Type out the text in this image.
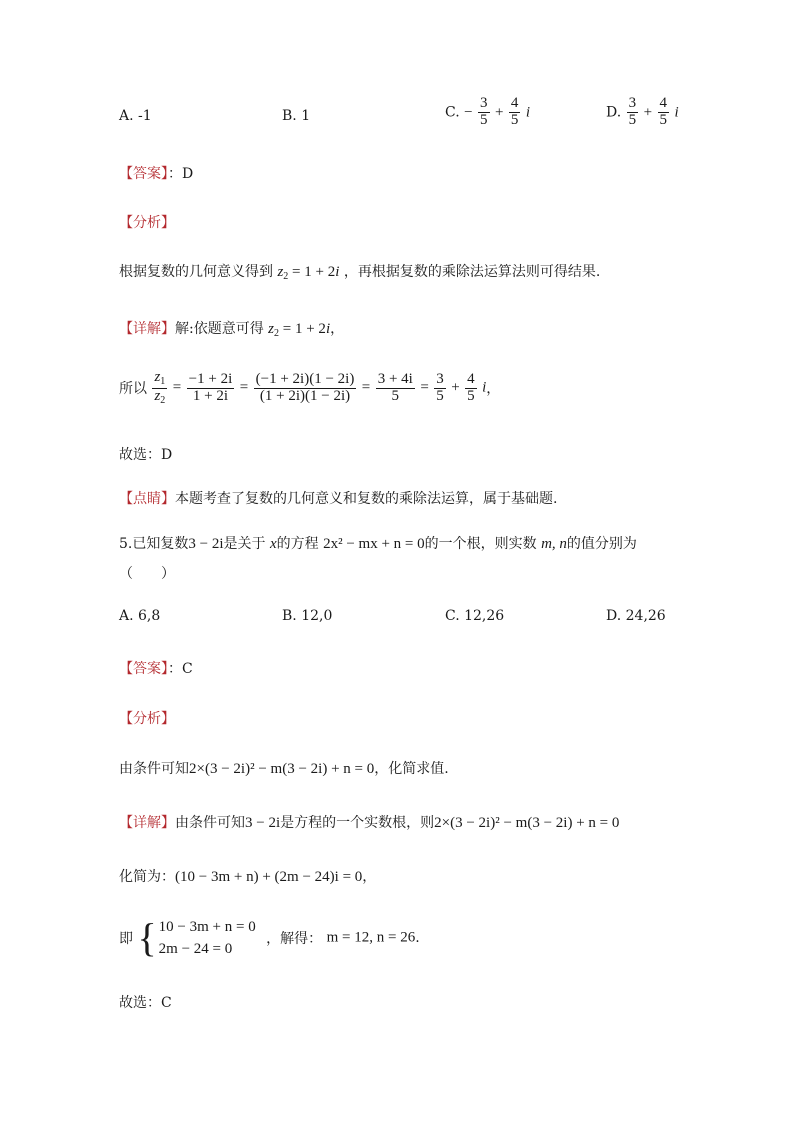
A. -1	B. 1	C. − $\frac{3}{5} + \frac{4}{5}$ i	D. $\frac{3}{5} + \frac{4}{5}$ i
【答案】：D
【分析】
根据复数的几何意义得到 $z_2 = 1 + 2i$ ，再根据复数的乘除法运算法则可得结果.
【详解】解:依题意可得 $z_2 = 1 + 2i$，
所以 $\frac{z_1}{z_2} = \frac{-1 + 2i}{1 + 2i} = \frac{(-1 + 2i)(1 - 2i)}{(1 + 2i)(1 - 2i)} = \frac{3 + 4i}{5} = \frac{3}{5} + \frac{4}{5}$ i，
故选：D
【点睛】本题考查了复数的几何意义和复数的乘除法运算，属于基础题.
5.已知复数3 − 2i是关于 x的方程 2x² − mx + n = 0的一个根，则实数 m, n的值分别为
（　　）
A. 6,8	B. 12,0	C. 12,26	D. 24,26
【答案】：C
【分析】
由条件可知2×(3 − 2i)² − m(3 − 2i) + n = 0，化简求值.
【详解】由条件可知3 − 2i是方程的一个实数根，则2×(3 − 2i)² − m(3 − 2i) + n = 0
化简为：(10 − 3m + n) + (2m − 24)i = 0，
即 { 10 − 3m + n = 0
2m − 24 = 0
，解得： m = 12, n = 26.
故选：C
